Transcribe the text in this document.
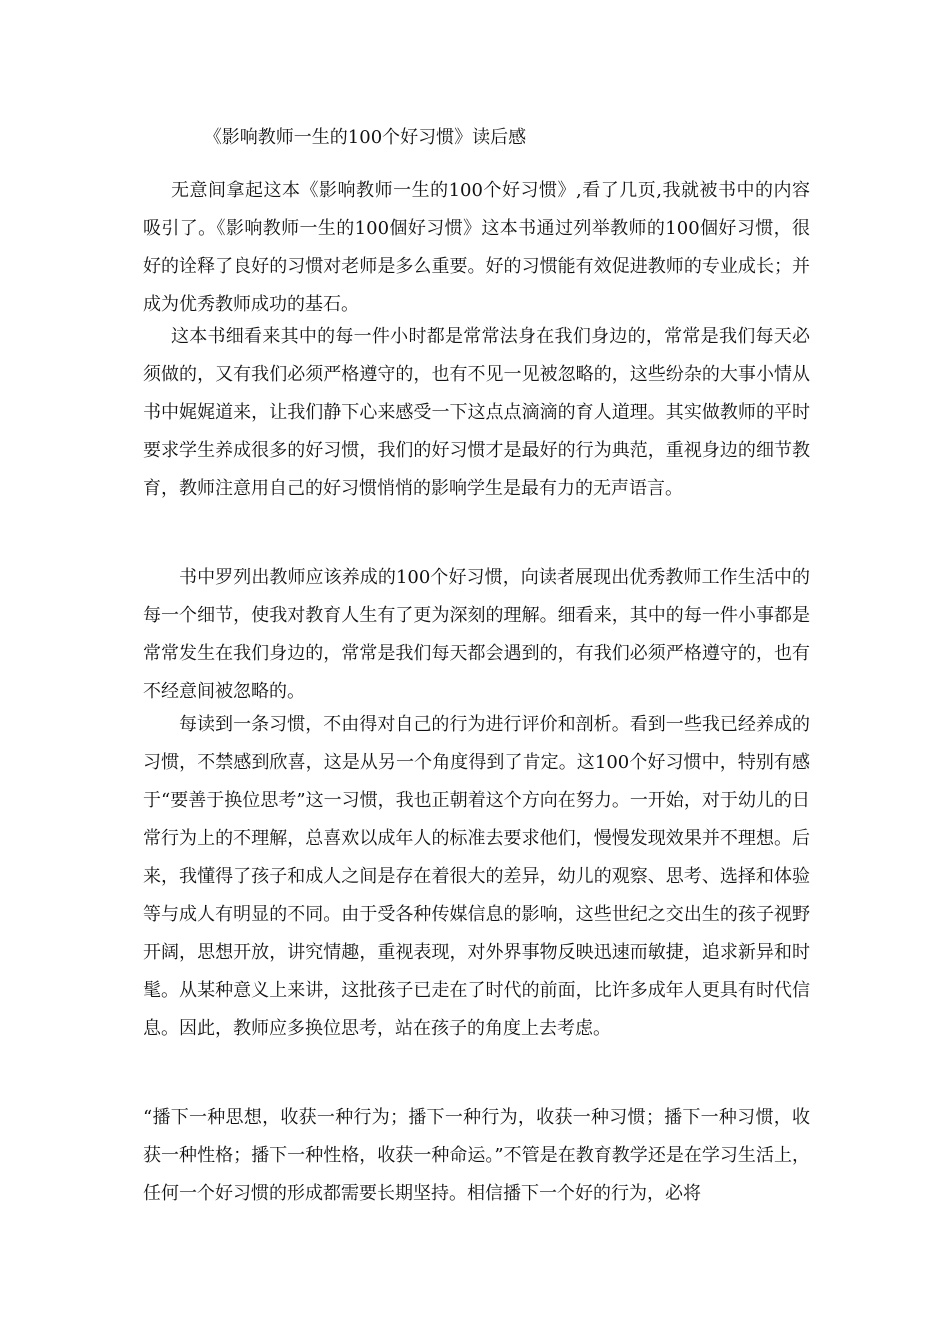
《影响教师一生的100个好习惯》读后感

无意间拿起这本《影响教师一生的100个好习惯》,看了几页,我就被书中的内容吸引了。《影响教师一生的100個好习惯》这本书通过列举教师的100個好习惯，很好的诠释了良好的习惯对老师是多么重要。好的习惯能有效促进教师的专业成长；并成为优秀教师成功的基石。

这本书细看来其中的每一件小时都是常常法身在我们身边的，常常是我们每天必须做的，又有我们必须严格遵守的，也有不见一见被忽略的，这些纷杂的大事小情从书中娓娓道来，让我们静下心来感受一下这点点滴滴的育人道理。其实做教师的平时要求学生养成很多的好习惯，我们的好习惯才是最好的行为典范，重视身边的细节教育，教师注意用自己的好习惯悄悄的影响学生是最有力的无声语言。

书中罗列出教师应该养成的100个好习惯，向读者展现出优秀教师工作生活中的每一个细节，使我对教育人生有了更为深刻的理解。细看来，其中的每一件小事都是常常发生在我们身边的，常常是我们每天都会遇到的，有我们必须严格遵守的，也有不经意间被忽略的。

每读到一条习惯，不由得对自己的行为进行评价和剖析。看到一些我已经养成的习惯，不禁感到欣喜，这是从另一个角度得到了肯定。这100个好习惯中，特别有感于“要善于换位思考”这一习惯，我也正朝着这个方向在努力。一开始，对于幼儿的日常行为上的不理解，总喜欢以成年人的标准去要求他们，慢慢发现效果并不理想。后来，我懂得了孩子和成人之间是存在着很大的差异，幼儿的观察、思考、选择和体验等与成人有明显的不同。由于受各种传媒信息的影响，这些世纪之交出生的孩子视野开阔，思想开放，讲究情趣，重视表现，对外界事物反映迅速而敏捷，追求新异和时髦。从某种意义上来讲，这批孩子已走在了时代的前面，比许多成年人更具有时代信息。因此，教师应多换位思考，站在孩子的角度上去考虑。

“播下一种思想，收获一种行为；播下一种行为，收获一种习惯；播下一种习惯，收获一种性格；播下一种性格，收获一种命运。”不管是在教育教学还是在学习生活上，任何一个好习惯的形成都需要长期坚持。相信播下一个好的行为，必将
